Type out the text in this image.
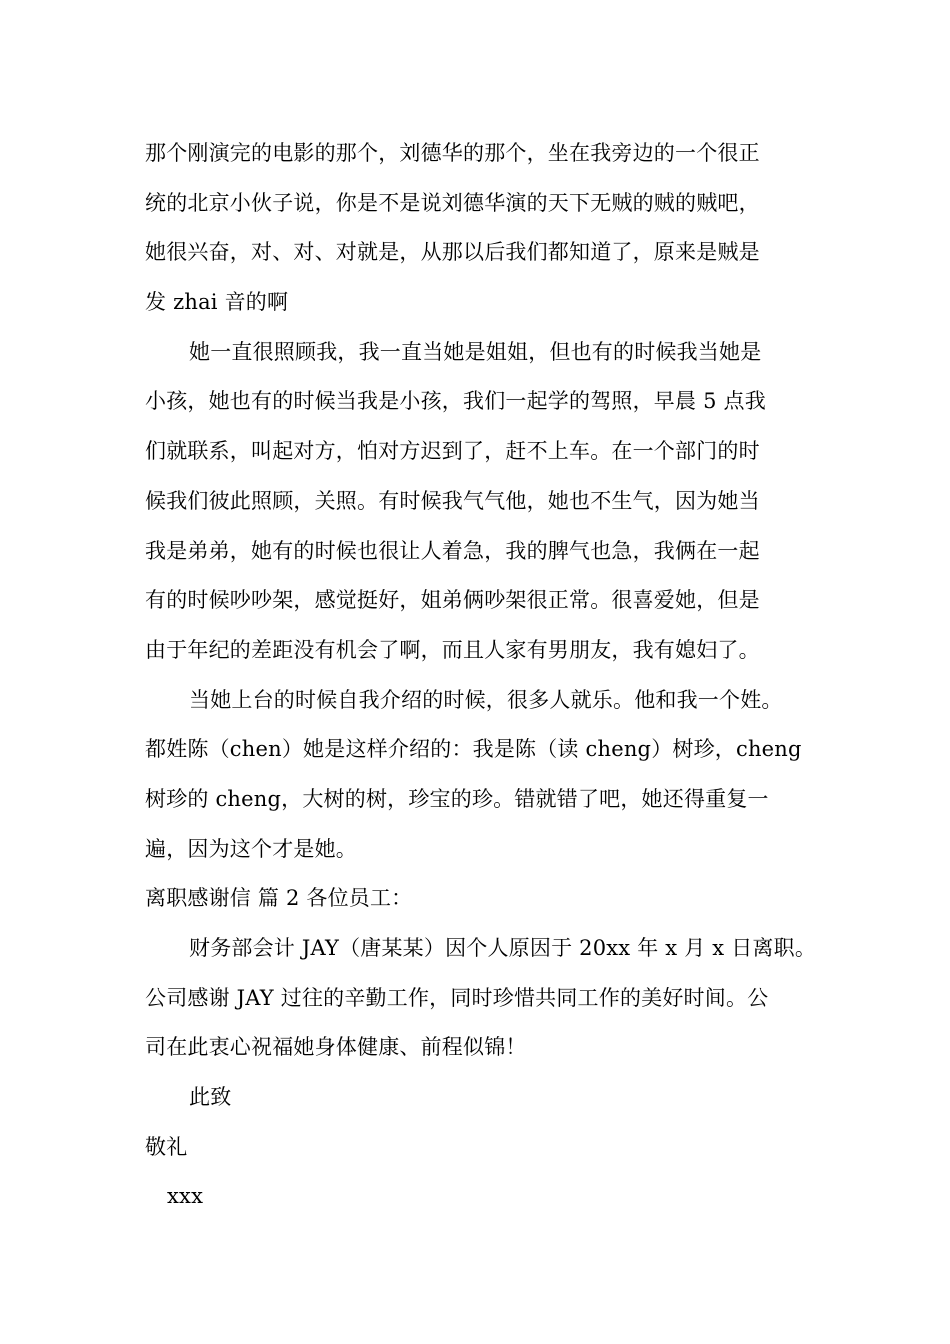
那个刚演完的电影的那个，刘德华的那个，坐在我旁边的一个很正
统的北京小伙子说，你是不是说刘德华演的天下无贼的贼的贼吧，
她很兴奋，对、对、对就是，从那以后我们都知道了，原来是贼是
发 zhai 音的啊
她一直很照顾我，我一直当她是姐姐，但也有的时候我当她是
小孩，她也有的时候当我是小孩，我们一起学的驾照，早晨 5 点我
们就联系，叫起对方，怕对方迟到了，赶不上车。在一个部门的时
候我们彼此照顾，关照。有时候我气气他，她也不生气，因为她当
我是弟弟，她有的时候也很让人着急，我的脾气也急，我俩在一起
有的时候吵吵架，感觉挺好，姐弟俩吵架很正常。很喜爱她，但是
由于年纪的差距没有机会了啊，而且人家有男朋友，我有媳妇了。
当她上台的时候自我介绍的时候，很多人就乐。他和我一个姓。
都姓陈（chen）她是这样介绍的：我是陈（读 cheng）树珍，cheng
树珍的 cheng，大树的树，珍宝的珍。错就错了吧，她还得重复一
遍，因为这个才是她。
离职感谢信 篇 2 各位员工：
财务部会计 JAY（唐某某）因个人原因于 20xx 年 x 月 x 日离职。
公司感谢 JAY 过往的辛勤工作，同时珍惜共同工作的美好时间。公
司在此衷心祝福她身体健康、前程似锦！
此致
敬礼
xxx
